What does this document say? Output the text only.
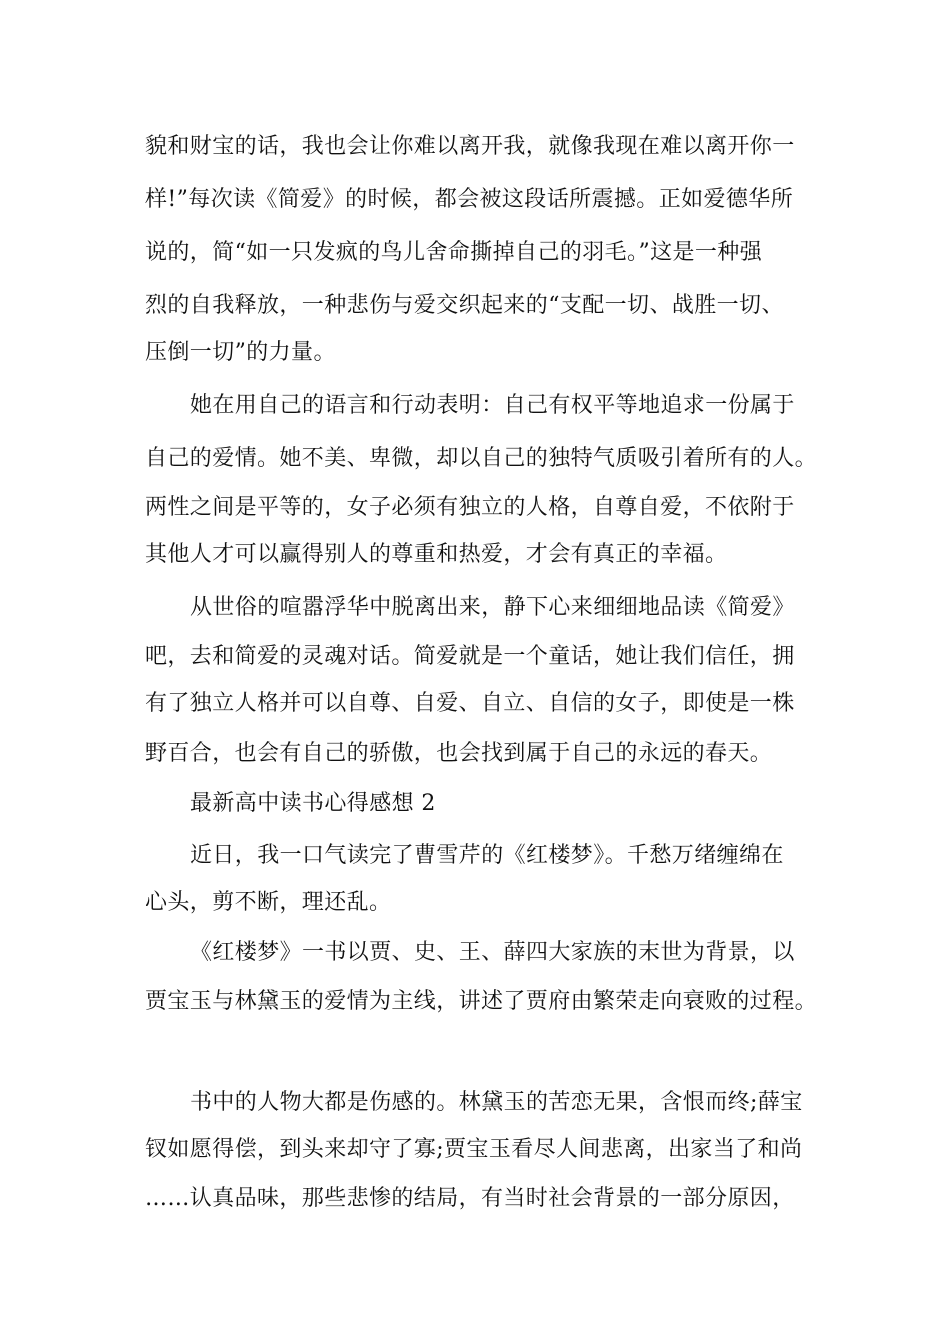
貌和财宝的话，我也会让你难以离开我，就像我现在难以离开你一
样!”每次读《简爱》的时候，都会被这段话所震撼。正如爱德华所
说的，简“如一只发疯的鸟儿舍命撕掉自己的羽毛。”这是一种强
烈的自我释放，一种悲伤与爱交织起来的“支配一切、战胜一切、
压倒一切”的力量。
她在用自己的语言和行动表明：自己有权平等地追求一份属于
自己的爱情。她不美、卑微，却以自己的独特气质吸引着所有的人。
两性之间是平等的，女子必须有独立的人格，自尊自爱，不依附于
其他人才可以赢得别人的尊重和热爱，才会有真正的幸福。
从世俗的喧嚣浮华中脱离出来，静下心来细细地品读《简爱》
吧，去和简爱的灵魂对话。简爱就是一个童话，她让我们信任，拥
有了独立人格并可以自尊、自爱、自立、自信的女子，即使是一株
野百合，也会有自己的骄傲，也会找到属于自己的永远的春天。
最新高中读书心得感想 2
近日，我一口气读完了曹雪芹的《红楼梦》。千愁万绪缠绵在
心头，剪不断，理还乱。
《红楼梦》一书以贾、史、王、薛四大家族的末世为背景，以
贾宝玉与林黛玉的爱情为主线，讲述了贾府由繁荣走向衰败的过程。
书中的人物大都是伤感的。林黛玉的苦恋无果，含恨而终;薛宝
钗如愿得偿，到头来却守了寡;贾宝玉看尽人间悲离，出家当了和尚
……认真品味，那些悲惨的结局，有当时社会背景的一部分原因，
